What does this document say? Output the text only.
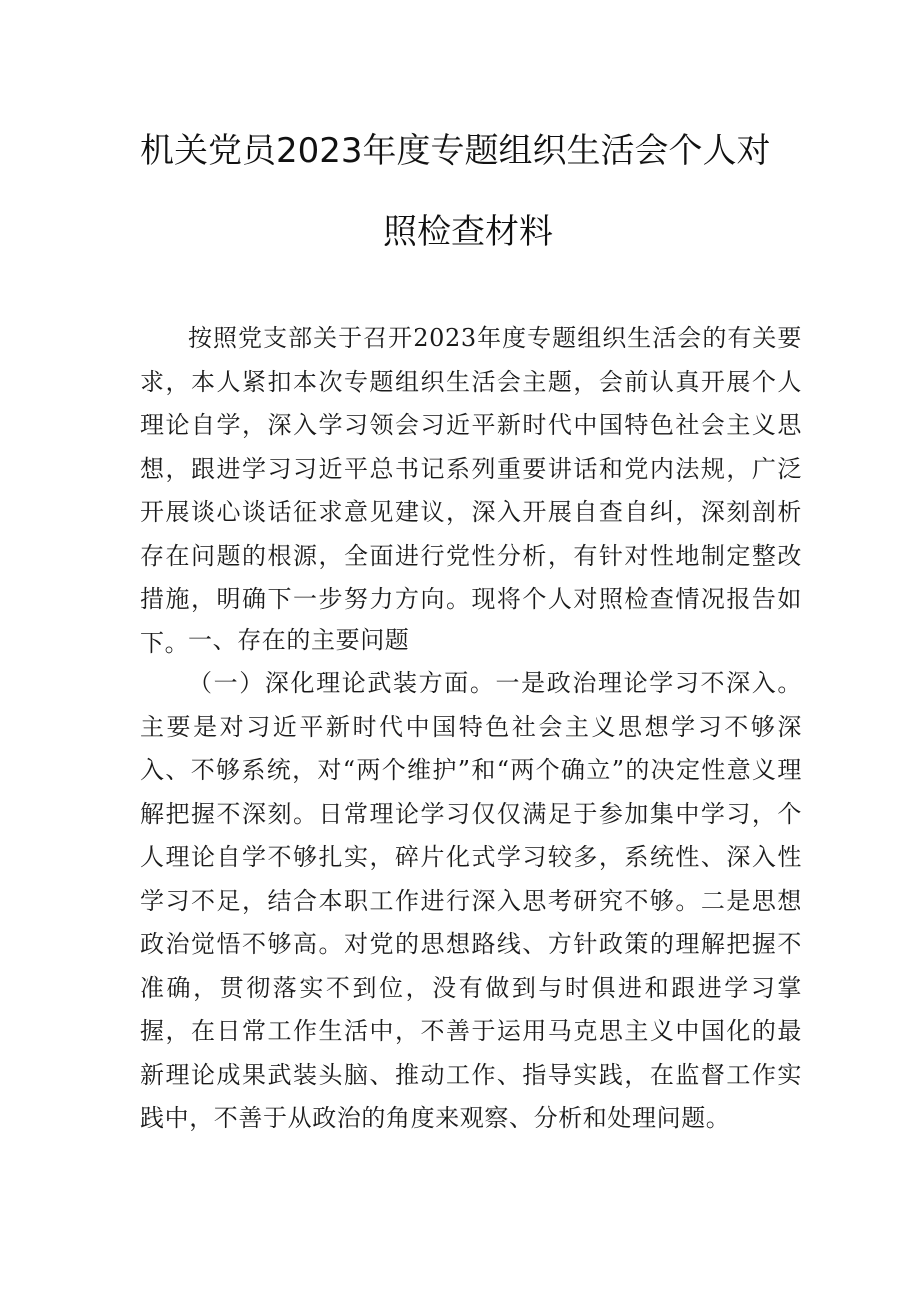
机关党员2023年度专题组织生活会个人对
照检查材料

按照党支部关于召开2023年度专题组织生活会的有关要求，本人紧扣本次专题组织生活会主题，会前认真开展个人理论自学，深入学习领会习近平新时代中国特色社会主义思想，跟进学习习近平总书记系列重要讲话和党内法规，广泛开展谈心谈话征求意见建议，深入开展自查自纠，深刻剖析存在问题的根源，全面进行党性分析，有针对性地制定整改措施，明确下一步努力方向。现将个人对照检查情况报告如下。

一、存在的主要问题

（一）深化理论武装方面。一是政治理论学习不深入。主要是对习近平新时代中国特色社会主义思想学习不够深入、不够系统，对“两个维护”和“两个确立”的决定性意义理解把握不深刻。日常理论学习仅仅满足于参加集中学习，个人理论自学不够扎实，碎片化式学习较多，系统性、深入性学习不足，结合本职工作进行深入思考研究不够。二是思想政治觉悟不够高。对党的思想路线、方针政策的理解把握不准确，贯彻落实不到位，没有做到与时俱进和跟进学习掌握，在日常工作生活中，不善于运用马克思主义中国化的最新理论成果武装头脑、推动工作、指导实践，在监督工作实践中，不善于从政治的角度来观察、分析和处理问题。
